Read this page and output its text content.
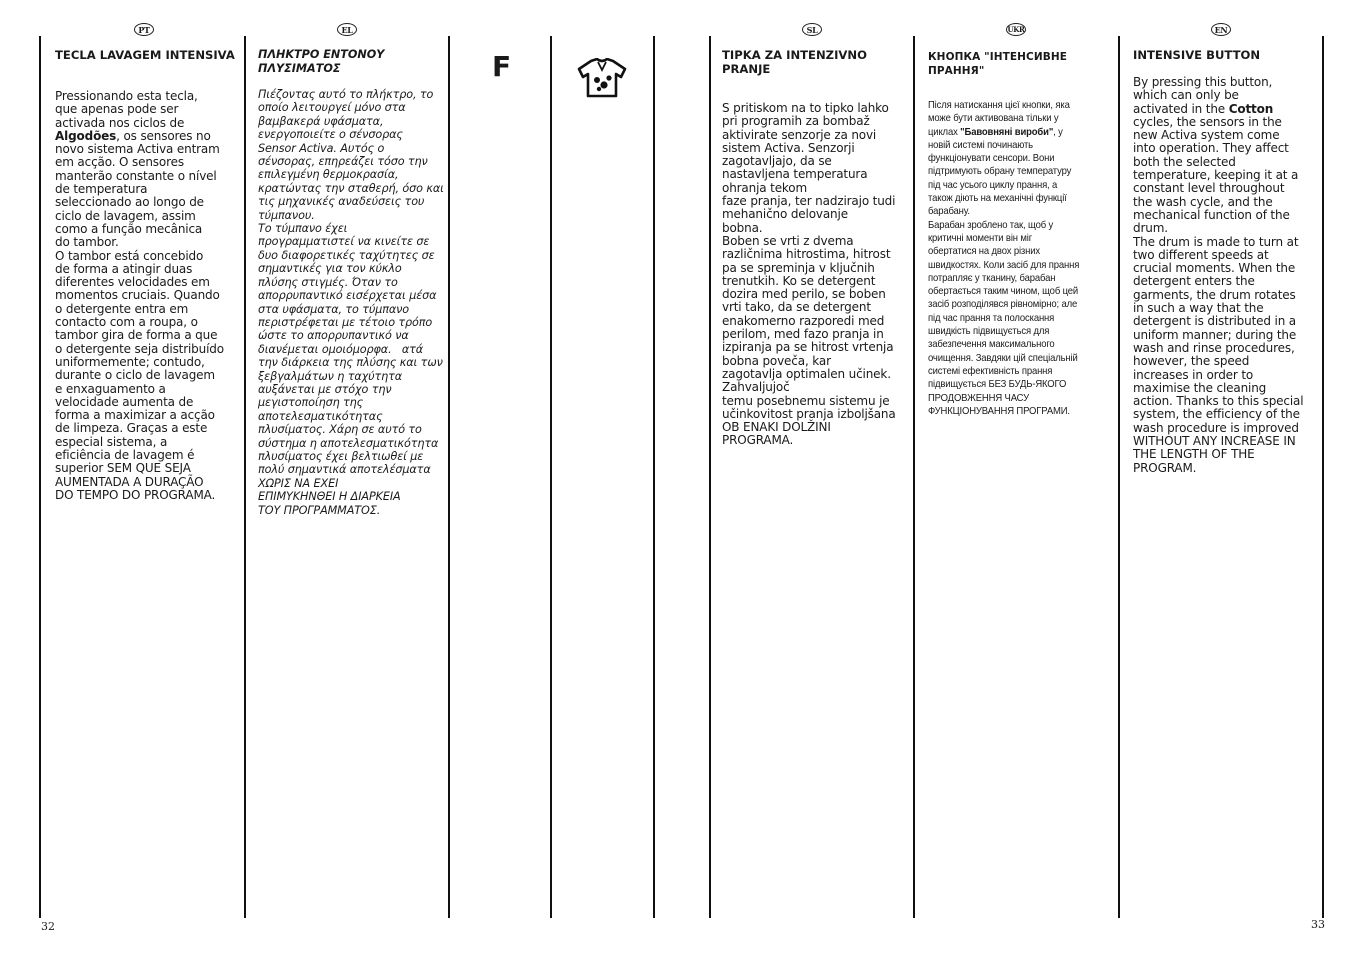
PT	EL	SL	UKR	EN

TECLA LAVAGEM INTENSIVA

Pressionando esta tecla,
que apenas pode ser
activada nos ciclos de
Algodões, os sensores no
novo sistema Activa entram
em acção. O sensores
manterão constante o nível
de temperatura
seleccionado ao longo de
ciclo de lavagem, assim
como a função mecânica
do tambor.
O tambor está concebido
de forma a atingir duas
diferentes velocidades em
momentos cruciais. Quando
o detergente entra em
contacto com a roupa, o
tambor gira de forma a que
o detergente seja distribuído
uniformemente; contudo,
durante o ciclo de lavagem
e enxaguamento a
velocidade aumenta de
forma a maximizar a acção
de limpeza. Graças a este
especial sistema, a
eficiência de lavagem é
superior SEM QUE SEJA
AUMENTADA A DURAÇÃO
DO TEMPO DO PROGRAMA.

ΠΛΗΚΤΡΟ ΕΝΤΟΝΟΥ ΠΛΥΣΙΜΑΤΟΣ

Πιέζοντας αυτό το πλήκτρο, το
οποίο λειτουργεί μόνο στα
βαμβακερά υφάσματα,
ενεργοποιείτε ο σένσορας
Sensor Activa. Αυτός ο
σένσορας, επηρεάζει τόσο την
επιλεγμένη θερμοκρασία,
κρατώντας την σταθερή, όσο και
τις μηχανικές αναδεύσεις του
τύμπανου.
Το τύμπανο έχει
προγραμματιστεί να κινείτε σε
δυο διαφορετικές ταχύτητες σε
σημαντικές για τον κύκλο
πλύσης στιγμές. Όταν το
απορρυπαντικό εισέρχεται μέσα
στα υφάσματα, το τύμπανο
περιστρέφεται με τέτοιο τρόπο
ώστε το απορρυπαντικό να
διανέμεται ομοιόμορφα.   ατά
την διάρκεια της πλύσης και των
ξεβγαλμάτων η ταχύτητα
αυξάνεται με στόχο την
μεγιστοποίηση της
αποτελεσματικότητας
πλυσίματος. Χάρη σε αυτό το
σύστημα η αποτελεσματικότητα
πλυσίματος έχει βελτιωθεί με
πολύ σημαντικά αποτελέσματα
ΧΩΡΙΣ ΝΑ ΕΧΕΙ
ΕΠΙΜΥΚΗΝΘΕΙ Η ΔΙΑΡΚΕΙΑ
ΤΟΥ ΠΡΟΓΡΑΜΜΑΤΟΣ.
F	TIPKA ZA INTENZIVNO PRANJE

S pritiskom na to tipko lahko
pri programih za bombaž
aktivirate senzorje za novi
sistem Activa. Senzorji
zagotavljajo, da se
nastavljena temperatura
ohranja tekom
faze pranja, ter nadzirajo tudi
mehanično delovanje
bobna.
Boben se vrti z dvema
različnima hitrostima, hitrost
pa se spreminja v ključnih
trenutkih. Ko se detergent
dozira med perilo, se boben
vrti tako, da se detergent
enakomerno razporedi med
perilom, med fazo pranja in
izpiranja pa se hitrost vrtenja
bobna poveča, kar
zagotavlja optimalen učinek.
Zahvaljujoč
temu posebnemu sistemu je
učinkovitost pranja izboljšana
OB ENAKI DOLŽINI
PROGRAMA.

КНОПКА "ІНТЕНСИВНЕ ПРАННЯ"

Після натискання цієї кнопки, яка
може бути активована тільки у
циклах "Бавовняні вироби", у
новій системі починають
функціонувати сенсори. Вони
підтримують обрану температуру
під час усього циклу прання, а
також діють на механічні функції
барабану.
Барабан зроблено так, щоб у
критичні моменти він міг
обертатися на двох різних
швидкостях. Коли засіб для прання
потрапляє у тканину, барабан
обертається таким чином, щоб цей
засіб розподілявся рівномірно; але
під час прання та полоскання
швидкість підвищується для
забезпечення максимального
очищення. Завдяки цій спеціальній
системі ефективність прання
підвищується БЕЗ БУДЬ-ЯКОГО
ПРОДОВЖЕННЯ ЧАСУ
ФУНКЦІОНУВАННЯ ПРОГРАМИ.

INTENSIVE BUTTON

By pressing this button,
which can only be
activated in the Cotton
cycles, the sensors in the
new Activa system come
into operation. They affect
both the selected
temperature, keeping it at a
constant level throughout
the wash cycle, and the
mechanical function of the
drum.
The drum is made to turn at
two different speeds at
crucial moments. When the
detergent enters the
garments, the drum rotates
in such a way that the
detergent is distributed in a
uniform manner; during the
wash and rinse procedures,
however, the speed
increases in order to
maximise the cleaning
action. Thanks to this special
system, the efficiency of the
wash procedure is improved
WITHOUT ANY INCREASE IN
THE LENGTH OF THE
PROGRAM.
32	33
